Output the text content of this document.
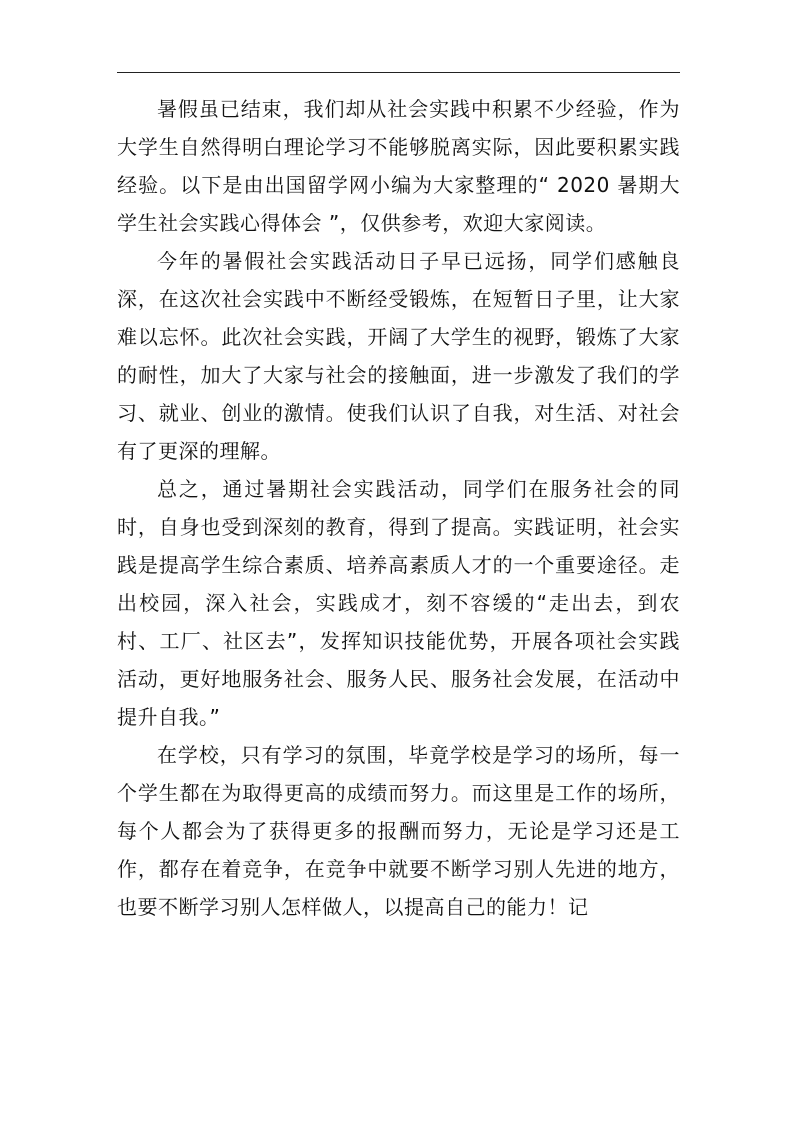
暑假虽已结束，我们却从社会实践中积累不少经验，作为大学生自然得明白理论学习不能够脱离实际，因此要积累实践经验。以下是由出国留学网小编为大家整理的“ 2020 暑期大学生社会实践心得体会 ”，仅供参考，欢迎大家阅读。

今年的暑假社会实践活动日子早已远扬，同学们感触良深，在这次社会实践中不断经受锻炼，在短暂日子里，让大家难以忘怀。此次社会实践，开阔了大学生的视野，锻炼了大家的耐性，加大了大家与社会的接触面，进一步激发了我们的学习、就业、创业的激情。使我们认识了自我，对生活、对社会有了更深的理解。

总之，通过暑期社会实践活动，同学们在服务社会的同时，自身也受到深刻的教育，得到了提高。实践证明，社会实践是提高学生综合素质、培养高素质人才的一个重要途径。走出校园，深入社会，实践成才，刻不容缓的“走出去，到农村、工厂、社区去”，发挥知识技能优势，开展各项社会实践活动，更好地服务社会、服务人民、服务社会发展，在活动中提升自我。”

在学校，只有学习的氛围，毕竟学校是学习的场所，每一个学生都在为取得更高的成绩而努力。而这里是工作的场所，每个人都会为了获得更多的报酬而努力，无论是学习还是工作，都存在着竞争，在竞争中就要不断学习别人先进的地方，也要不断学习别人怎样做人，以提高自己的能力！记
